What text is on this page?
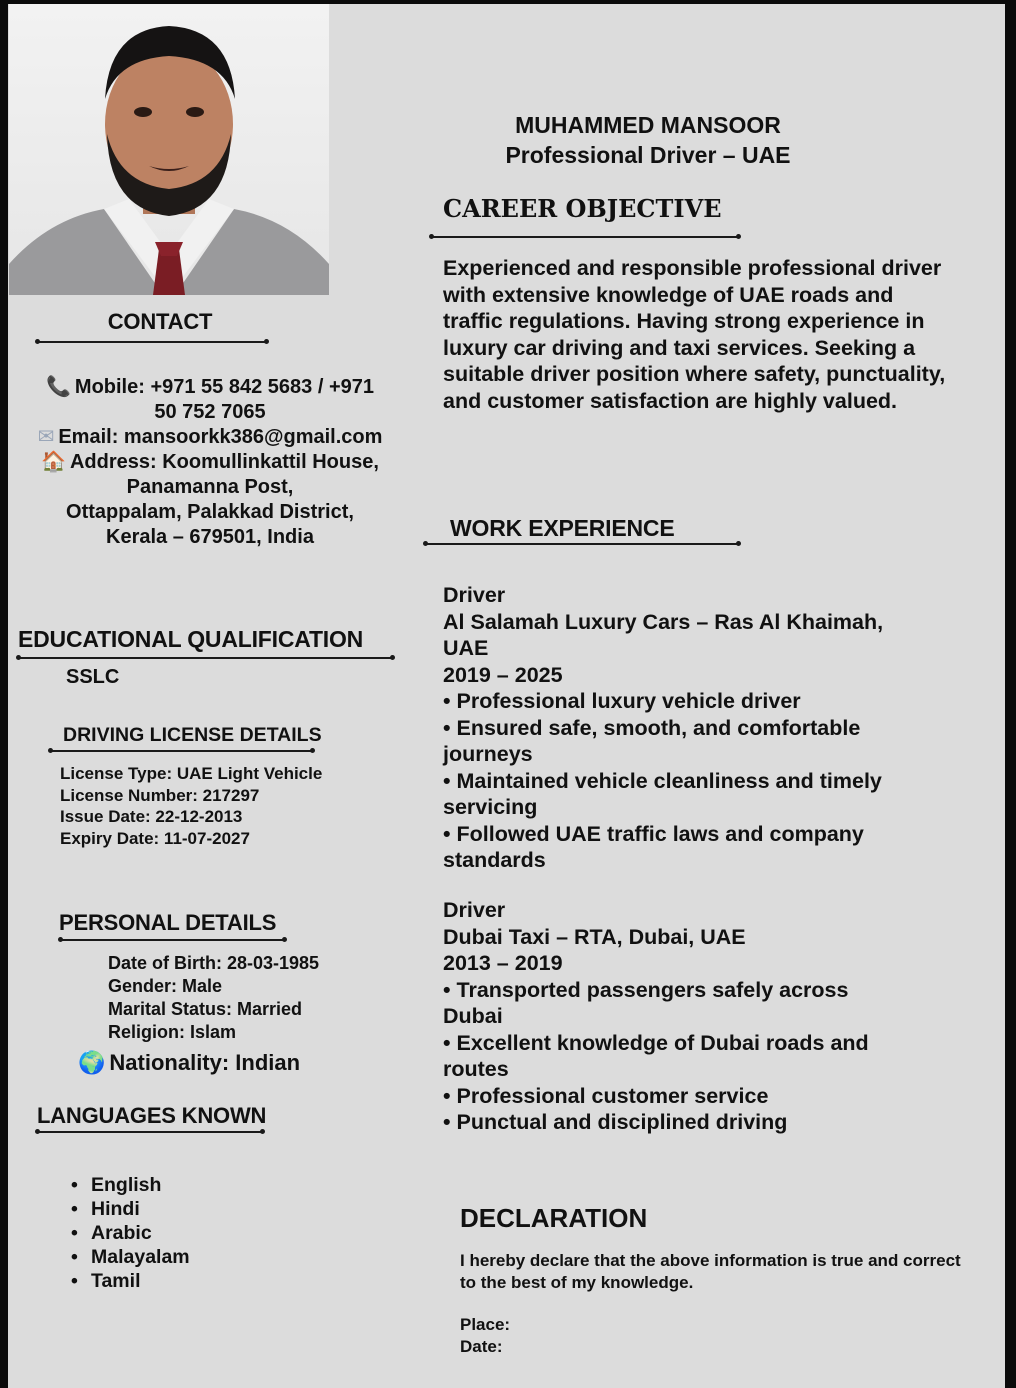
MUHAMMED MANSOOR
Professional Driver – UAE
CAREER OBJECTIVE
Experienced and responsible professional driver
with extensive knowledge of UAE roads and
traffic regulations. Having strong experience in
luxury car driving and taxi services. Seeking a
suitable driver position where safety, punctuality,
and customer satisfaction are highly valued.
CONTACT
📞 Mobile: +971 55 842 5683 / +971
50 752 7065
✉ Email: mansoorkk386@gmail.com
🏠 Address: Koomullinkattil House,
Panamanna Post,
Ottappalam, Palakkad District,
Kerala – 679501, India
EDUCATIONAL QUALIFICATION
SSLC
DRIVING LICENSE DETAILS
License Type: UAE Light Vehicle
License Number: 217297
Issue Date: 22-12-2013
Expiry Date: 11-07-2027
PERSONAL DETAILS
Date of Birth: 28-03-1985
Gender: Male
Marital Status: Married
Religion: Islam
🌍 Nationality: Indian
LANGUAGES KNOWN
• English
• Hindi
• Arabic
• Malayalam
• Tamil
WORK EXPERIENCE
Driver
Al Salamah Luxury Cars – Ras Al Khaimah,
UAE
2019 – 2025
• Professional luxury vehicle driver
• Ensured safe, smooth, and comfortable
journeys
• Maintained vehicle cleanliness and timely
servicing
• Followed UAE traffic laws and company
standards
Driver
Dubai Taxi – RTA, Dubai, UAE
2013 – 2019
• Transported passengers safely across
Dubai
• Excellent knowledge of Dubai roads and
routes
• Professional customer service
• Punctual and disciplined driving
DECLARATION
I hereby declare that the above information is true and correct
to the best of my knowledge.
Place:
Date:
